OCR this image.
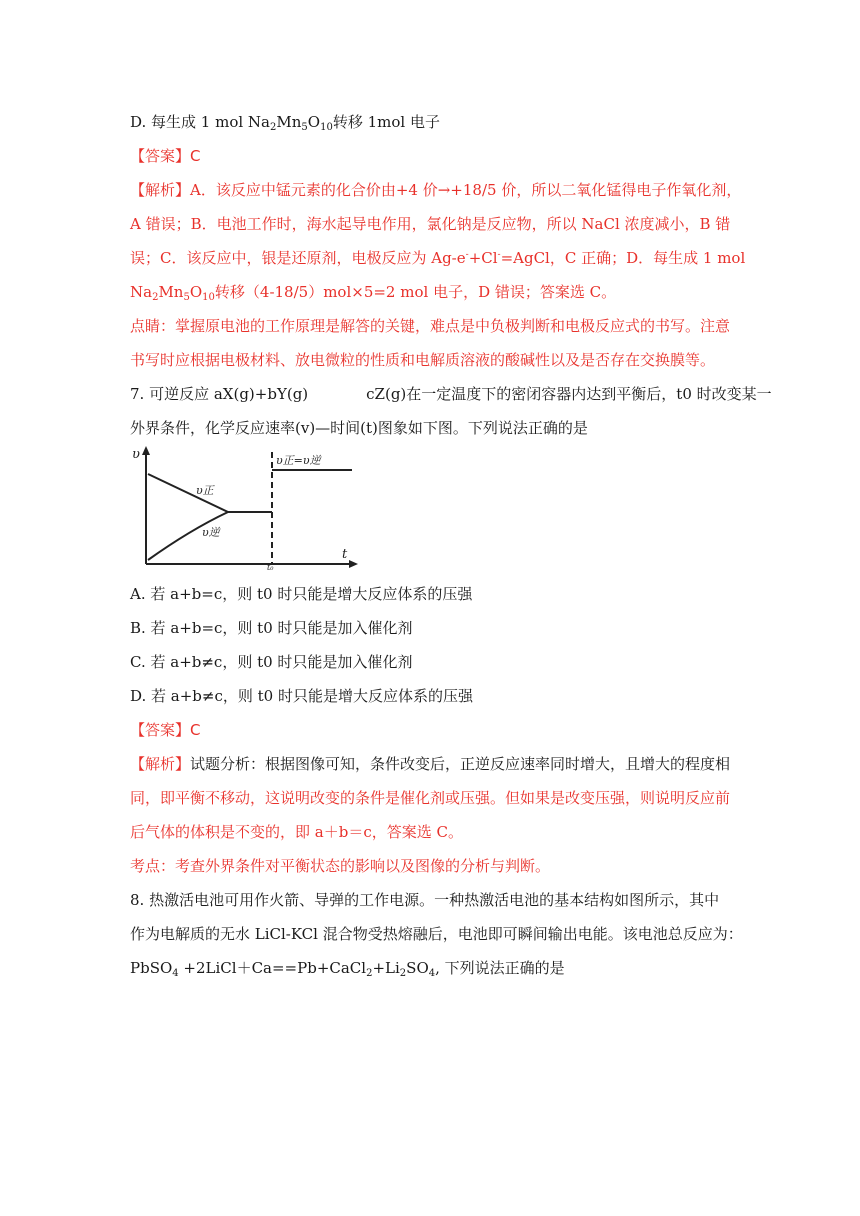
D. 每生成 1 mol $Na_2Mn_5O_{10}$转移 1mol 电子
【答案】C
【解析】A．该反应中锰元素的化合价由+4 价→+18/5 价，所以二氧化锰得电子作氧化剂，
A 错误；B．电池工作时，海水起导电作用，氯化钠是反应物，所以 NaCl 浓度减小，B 错
误；C．该反应中，银是还原剂，电极反应为 Ag-e-+Cl-=AgCl，C 正确；D．每生成 1 mol
$Na_2Mn_5O_{10}$转移（4-18/5）mol×5=2 mol 电子，D 错误；答案选 C。
点睛：掌握原电池的工作原理是解答的关键，难点是中负极判断和电极反应式的书写。注意
书写时应根据电极材料、放电微粒的性质和电解质溶液的酸碱性以及是否存在交换膜等。
7. 可逆反应 aX(g)+bY(g)	cZ(g)在一定温度下的密闭容器内达到平衡后，t0 时改变某一
外界条件，化学反应速率(v)—时间(t)图象如下图。下列说法正确的是
υ
t
υ正
υ逆
υ正=υ逆
t₀
A. 若 a+b=c，则 t0 时只能是增大反应体系的压强
B. 若 a+b=c，则 t0 时只能是加入催化剂
C. 若 a+b≠c，则 t0 时只能是加入催化剂
D. 若 a+b≠c，则 t0 时只能是增大反应体系的压强
【答案】C
【解析】试题分析：根据图像可知，条件改变后，正逆反应速率同时增大，且增大的程度相
同，即平衡不移动，这说明改变的条件是催化剂或压强。但如果是改变压强，则说明反应前
后气体的体积是不变的，即 a＋b＝c，答案选 C。
考点：考查外界条件对平衡状态的影响以及图像的分析与判断。
8. 热激活电池可用作火箭、导弹的工作电源。一种热激活电池的基本结构如图所示，其中
作为电解质的无水 LiCl-KCl 混合物受热熔融后，电池即可瞬间输出电能。该电池总反应为：
PbSO$_4$ $+2LiCl+Ca==Pb+CaCl_2+Li_2SO_4$, 下列说法正确的是
